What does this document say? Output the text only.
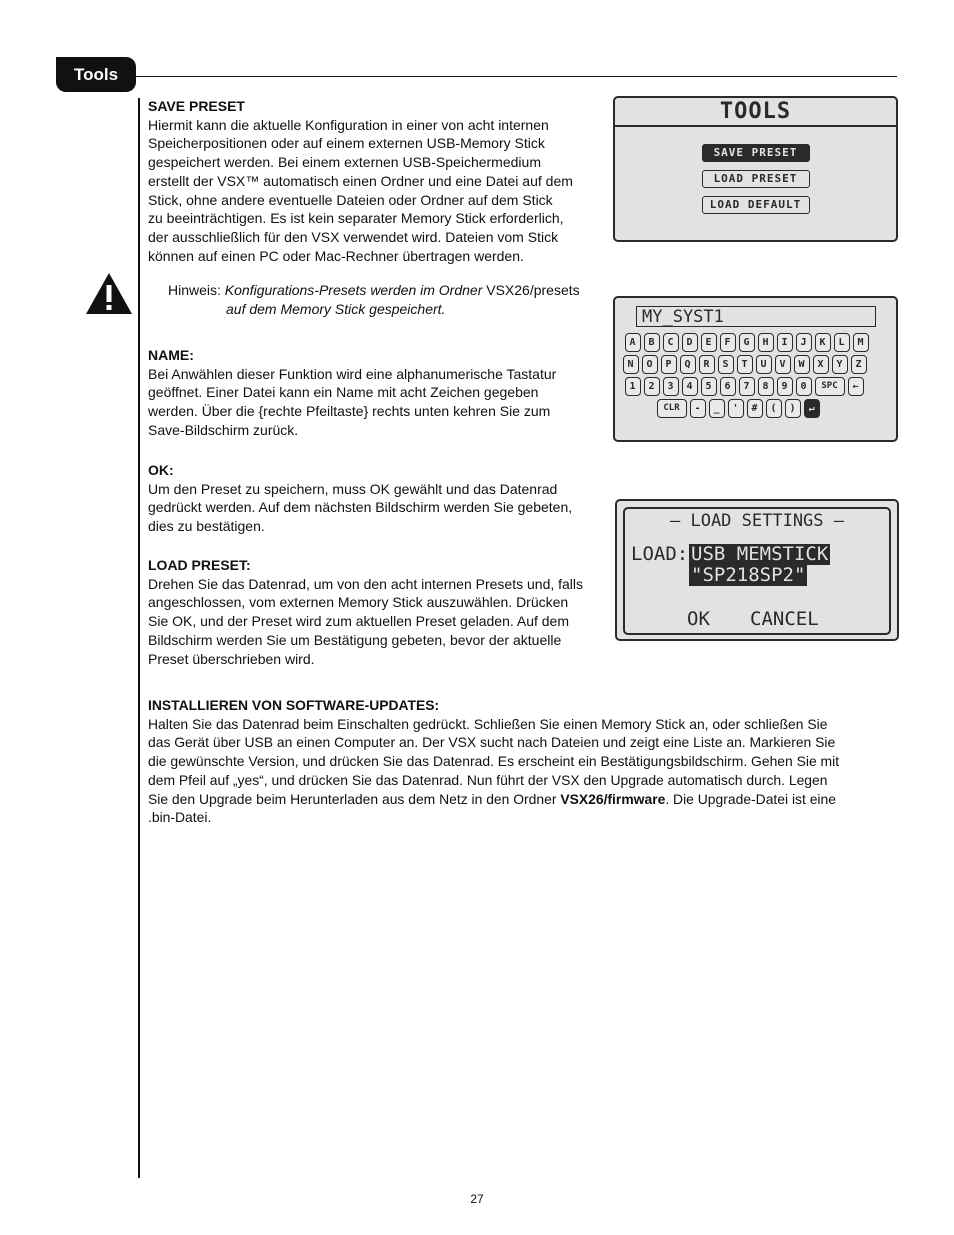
Tools

SAVE PRESET

Hiermit kann die aktuelle Konfiguration in einer von acht internen

Speicherpositionen oder auf einem externen USB-Memory Stick

gespeichert werden. Bei einem externen USB-Speichermedium

erstellt der VSX™ automatisch einen Ordner und eine Datei auf dem

Stick, ohne andere eventuelle Dateien oder Ordner auf dem Stick

zu beeinträchtigen. Es ist kein separater Memory Stick erforderlich,

der ausschließlich für den VSX verwendet wird. Dateien vom Stick

können auf einen PC oder Mac-Rechner übertragen werden.

Hinweis: Konfigurations-Presets werden im Ordner VSX26/presets
auf dem Memory Stick gespeichert.

NAME:

Bei Anwählen dieser Funktion wird eine alphanumerische Tastatur

geöffnet. Einer Datei kann ein Name mit acht Zeichen gegeben

werden. Über die {rechte Pfeiltaste} rechts unten kehren Sie zum

Save-Bildschirm zurück.

OK:

Um den Preset zu speichern, muss OK gewählt und das Datenrad

gedrückt werden. Auf dem nächsten Bildschirm werden Sie gebeten,

dies zu bestätigen.

LOAD PRESET:

Drehen Sie das Datenrad, um von den acht internen Presets und, falls

angeschlossen, vom externen Memory Stick auszuwählen. Drücken

Sie OK, und der Preset wird zum aktuellen Preset geladen. Auf dem

Bildschirm werden Sie um Bestätigung gebeten, bevor der aktuelle

Preset überschrieben wird.

INSTALLIEREN VON SOFTWARE-UPDATES:

Halten Sie das Datenrad beim Einschalten gedrückt. Schließen Sie einen Memory Stick an, oder schließen Sie

das Gerät über USB an einen Computer an. Der VSX sucht nach Dateien und zeigt eine Liste an. Markieren Sie

die gewünschte Version, und drücken Sie das Datenrad. Es erscheint ein Bestätigungsbildschirm. Gehen Sie mit

dem Pfeil auf „yes“, und drücken Sie das Datenrad. Nun führt der VSX den Upgrade automatisch durch. Legen

Sie den Upgrade beim Herunterladen aus dem Netz in den Ordner VSX26/firmware. Die Upgrade-Datei ist eine

.bin-Datei.

TOOLS
SAVE PRESET
LOAD PRESET
LOAD DEFAULT
MY_SYST1
A B C D E F G H I J K L M
N O P Q R S T U V W X Y Z
1 2 3 4 5 6 7 8 9 0 SPC ←
CLR - _ ' # ( ) ↵
– LOAD SETTINGS –
LOAD: USB MEMSTICK
"SP218SP2"
OK CANCEL
27
